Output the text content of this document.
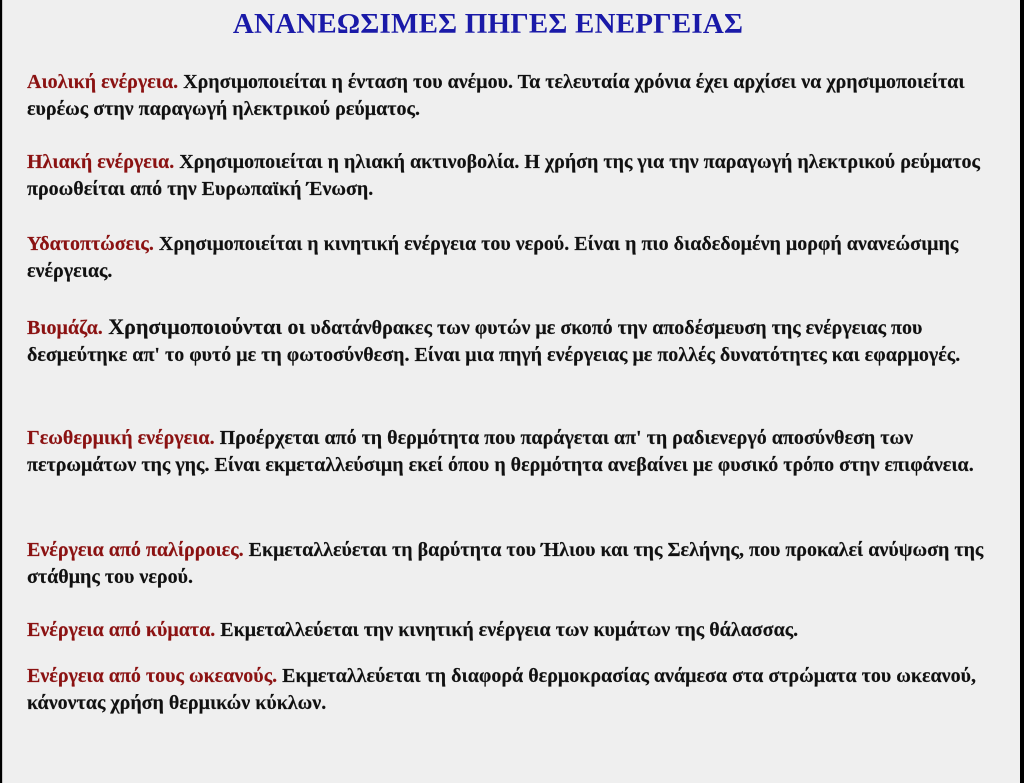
ΑΝΑΝΕΩΣΙΜΕΣ ΠΗΓΕΣ ΕΝΕΡΓΕΙΑΣ

Αιολική ενέργεια. Χρησιμοποιείται η ένταση του ανέμου. Τα τελευταία χρόνια έχει αρχίσει να χρησιμοποιείται ευρέως στην παραγωγή ηλεκτρικού ρεύματος.

Ηλιακή ενέργεια. Χρησιμοποιείται η ηλιακή ακτινοβολία. Η χρήση της για την παραγωγή ηλεκτρικού ρεύματος προωθείται από την Ευρωπαϊκή Ένωση.

Υδατοπτώσεις. Χρησιμοποιείται η κινητική ενέργεια του νερού. Είναι η πιο διαδεδομένη μορφή ανανεώσιμης ενέργειας.

Βιομάζα. Χρησιμοποιούνται οι υδατάνθρακες των φυτών με σκοπό την αποδέσμευση της ενέργειας που δεσμεύτηκε απ' το φυτό με τη φωτοσύνθεση. Είναι μια πηγή ενέργειας με πολλές δυνατότητες και εφαρμογές.

Γεωθερμική ενέργεια. Προέρχεται από τη θερμότητα που παράγεται απ' τη ραδιενεργό αποσύνθεση των πετρωμάτων της γης. Είναι εκμεταλλεύσιμη εκεί όπου η θερμότητα ανεβαίνει με φυσικό τρόπο στην επιφάνεια.

Ενέργεια από παλίρροιες. Εκμεταλλεύεται τη βαρύτητα του Ήλιου και της Σελήνης, που προκαλεί ανύψωση της στάθμης του νερού.

Ενέργεια από κύματα. Εκμεταλλεύεται την κινητική ενέργεια των κυμάτων της θάλασσας.

Ενέργεια από τους ωκεανούς. Εκμεταλλεύεται τη διαφορά θερμοκρασίας ανάμεσα στα στρώματα του ωκεανού, κάνοντας χρήση θερμικών κύκλων.
